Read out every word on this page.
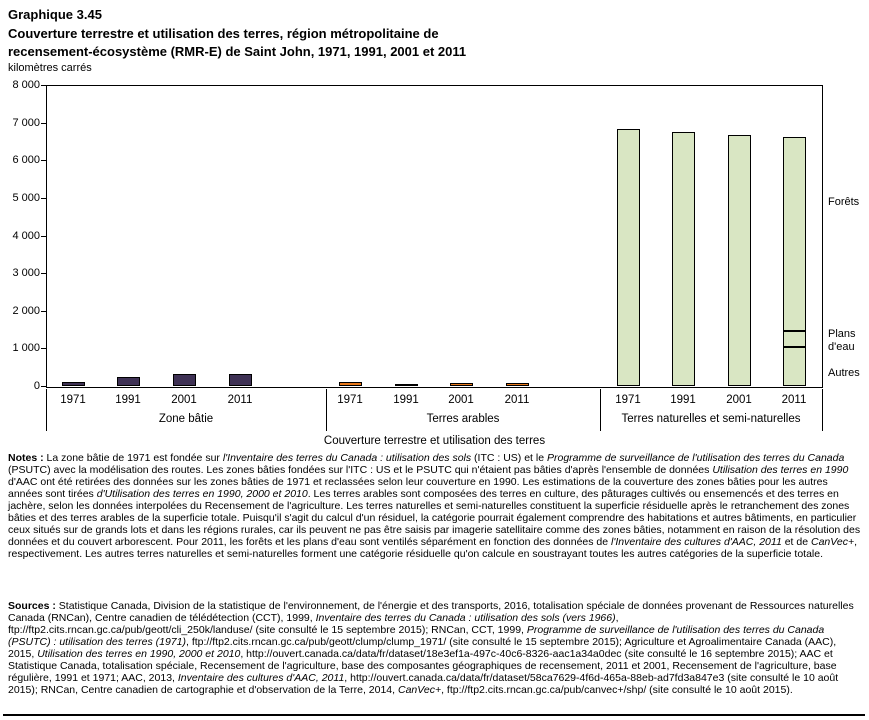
Graphique 3.45
Couverture terrestre et utilisation des terres, région métropolitaine de
recensement-écosystème (RMR-E) de Saint John, 1971, 1991, 2001 et 2011
kilomètres carrés
8 000
7 000
6 000
5 000
4 000
3 000
2 000
1 000
0
Couverture terrestre et utilisation des terres
Forêts
Plans d'eau
Autres
Notes : La zone bâtie de 1971 est fondée sur l'Inventaire des terres du Canada : utilisation des sols (ITC : US) et le Programme de surveillance de l'utilisation des terres du Canada (PSUTC) avec la modélisation des routes. Les zones bâties fondées sur l'ITC : US et le PSUTC qui n'étaient pas bâties d'après l'ensemble de données Utilisation des terres en 1990 d'AAC ont été retirées des données sur les zones bâties de 1971 et reclassées selon leur couverture en 1990. Les estimations de la couverture des zones bâties pour les autres années sont tirées d'Utilisation des terres en 1990, 2000 et 2010. Les terres arables sont composées des terres en culture, des pâturages cultivés ou ensemencés et des terres en jachère, selon les données interpolées du Recensement de l'agriculture. Les terres naturelles et semi-naturelles constituent la superficie résiduelle après le retranchement des zones bâties et des terres arables de la superficie totale. Puisqu'il s'agit du calcul d'un résiduel, la catégorie pourrait également comprendre des habitations et autres bâtiments, en particulier ceux situés sur de grands lots et dans les régions rurales, car ils peuvent ne pas être saisis par imagerie satellitaire comme des zones bâties, notamment en raison de la résolution des données et du couvert arborescent. Pour 2011, les forêts et les plans d'eau sont ventilés séparément en fonction des données de l'Inventaire des cultures d'AAC, 2011 et de CanVec+, respectivement. Les autres terres naturelles et semi-naturelles forment une catégorie résiduelle qu'on calcule en soustrayant toutes les autres catégories de la superficie totale.
Sources : Statistique Canada, Division de la statistique de l'environnement, de l'énergie et des transports, 2016, totalisation spéciale de données provenant de Ressources naturelles Canada (RNCan), Centre canadien de télédétection (CCT), 1999, Inventaire des terres du Canada : utilisation des sols (vers 1966), ftp://ftp2.cits.rncan.gc.ca/pub/geott/cli_250k/landuse/ (site consulté le 15 septembre 2015); RNCan, CCT, 1999, Programme de surveillance de l'utilisation des terres du Canada (PSUTC) : utilisation des terres (1971), ftp://ftp2.cits.rncan.gc.ca/pub/geott/clump/clump_1971/ (site consulté le 15 septembre 2015); Agriculture et Agroalimentaire Canada (AAC), 2015, Utilisation des terres en 1990, 2000 et 2010, http://ouvert.canada.ca/data/fr/dataset/18e3ef1a-497c-40c6-8326-aac1a34a0dec (site consulté le 16 septembre 2015); AAC et Statistique Canada, totalisation spéciale, Recensement de l'agriculture, base des composantes géographiques de recensement, 2011 et 2001, Recensement de l'agriculture, base régulière, 1991 et 1971; AAC, 2013, Inventaire des cultures d'AAC, 2011, http://ouvert.canada.ca/data/fr/dataset/58ca7629-4f6d-465a-88eb-ad7fd3a847e3 (site consulté le 10 août 2015); RNCan, Centre canadien de cartographie et d'observation de la Terre, 2014, CanVec+, ftp://ftp2.cits.rncan.gc.ca/pub/canvec+/shp/ (site consulté le 10 août 2015).
1971	1991	2001	2011
Zone bâtie
1971	1991	2001	2011
Terres arables
1971	1991	2001	2011
Terres naturelles et semi-naturelles
